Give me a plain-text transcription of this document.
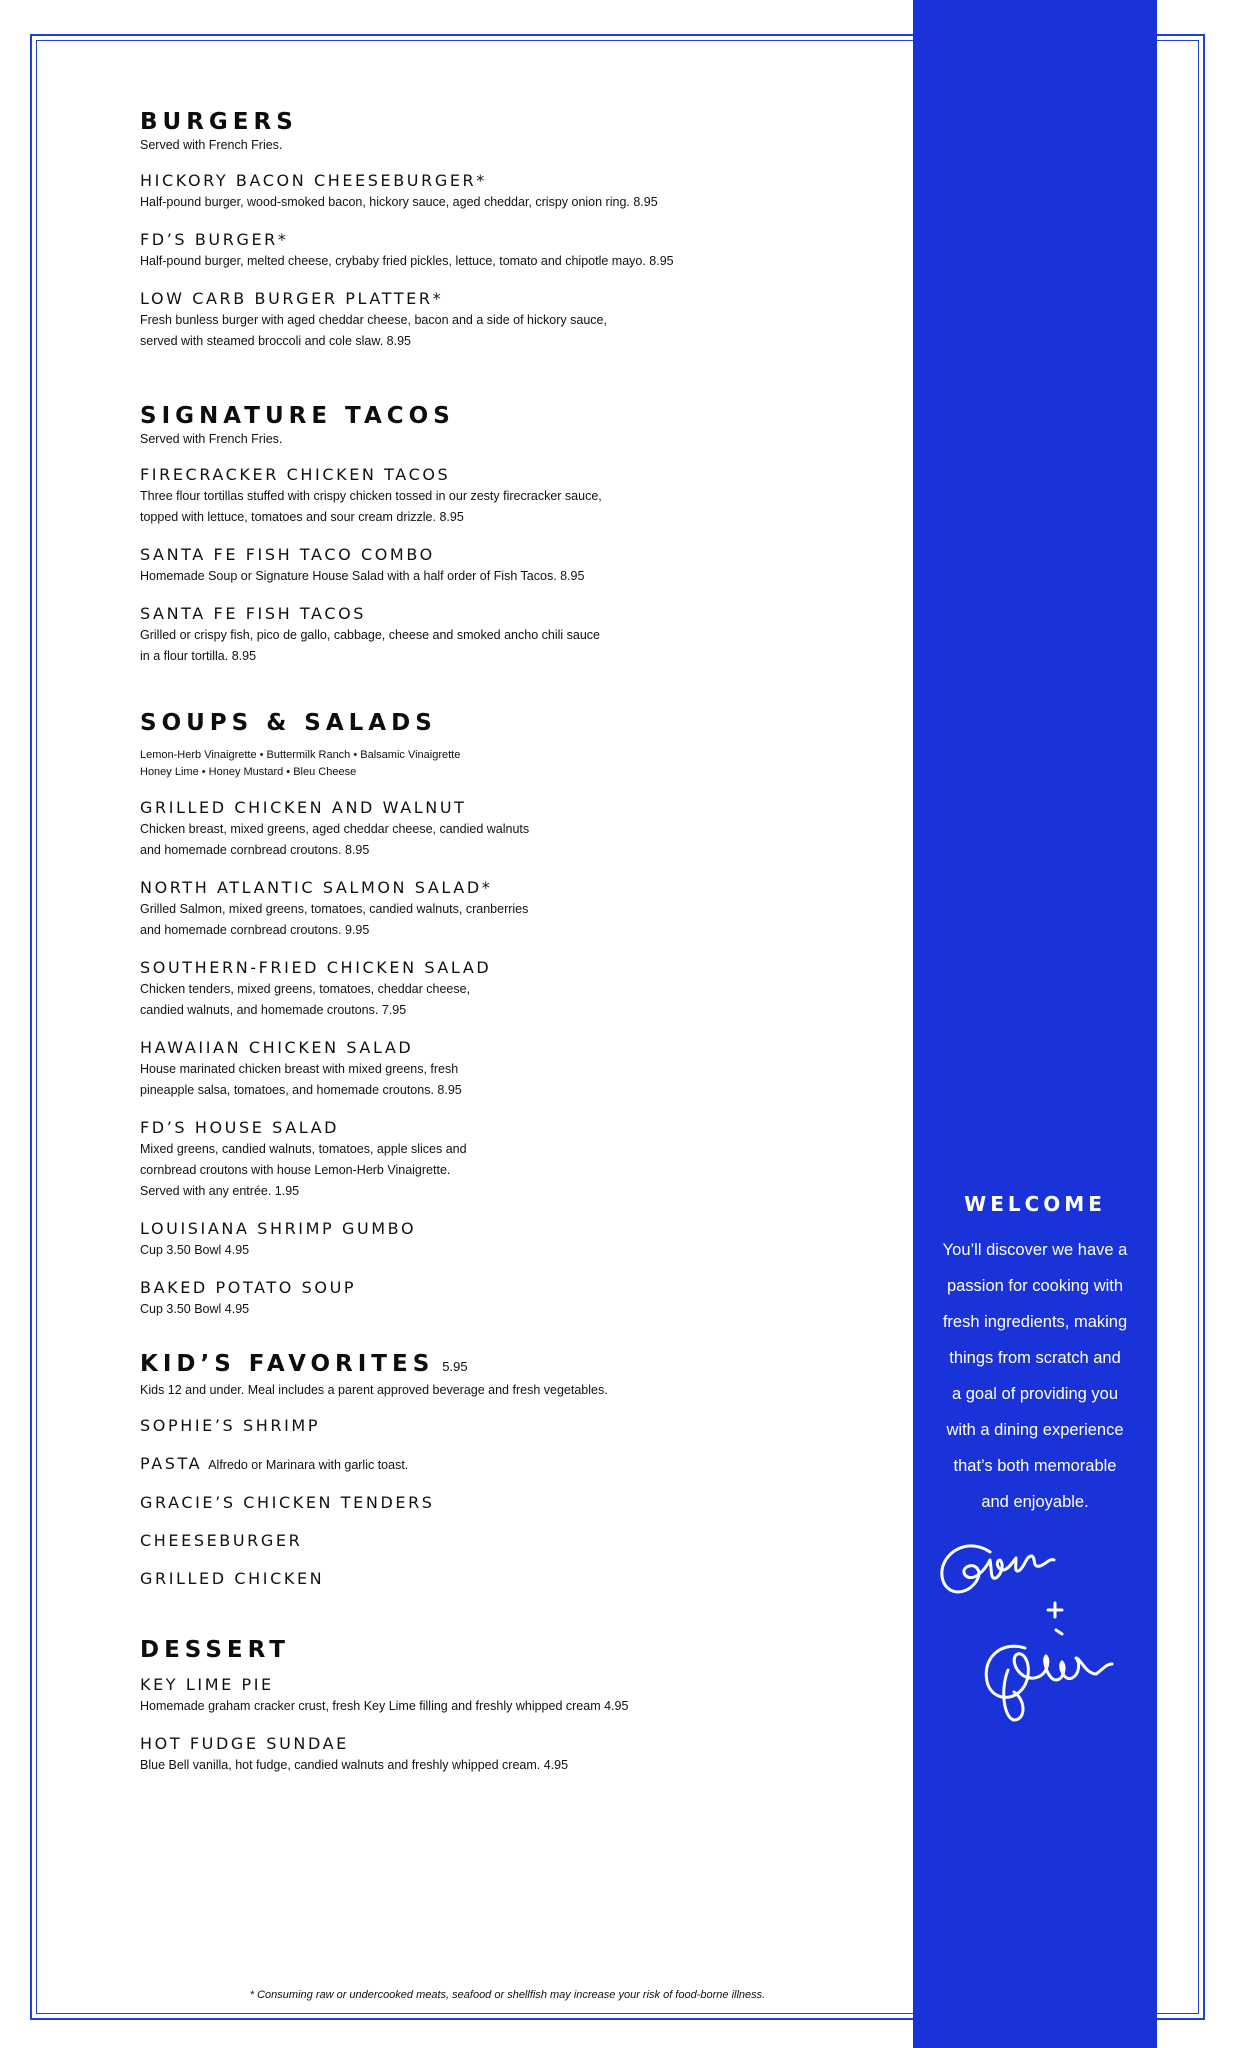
BURGERS
Served with French Fries.
HICKORY BACON CHEESEBURGER*
Half-pound burger, wood-smoked bacon, hickory sauce, aged cheddar, crispy onion ring. 8.95
FD’S BURGER*
Half-pound burger, melted cheese, crybaby fried pickles, lettuce, tomato and chipotle mayo. 8.95
LOW CARB BURGER PLATTER*
Fresh bunless burger with aged cheddar cheese, bacon and a side of hickory sauce,
served with steamed broccoli and cole slaw. 8.95
SIGNATURE TACOS
Served with French Fries.
FIRECRACKER CHICKEN TACOS
Three flour tortillas stuffed with crispy chicken tossed in our zesty firecracker sauce,
topped with lettuce, tomatoes and sour cream drizzle. 8.95
SANTA FE FISH TACO COMBO
Homemade Soup or Signature House Salad with a half order of Fish Tacos. 8.95
SANTA FE FISH TACOS
Grilled or crispy fish, pico de gallo, cabbage, cheese and smoked ancho chili sauce
in a flour tortilla. 8.95
SOUPS & SALADS
Lemon-Herb Vinaigrette • Buttermilk Ranch • Balsamic Vinaigrette
Honey Lime • Honey Mustard • Bleu Cheese
GRILLED CHICKEN AND WALNUT
Chicken breast, mixed greens, aged cheddar cheese, candied walnuts
and homemade cornbread croutons. 8.95
NORTH ATLANTIC SALMON SALAD*
Grilled Salmon, mixed greens, tomatoes, candied walnuts, cranberries
and homemade cornbread croutons. 9.95
SOUTHERN-FRIED CHICKEN SALAD
Chicken tenders, mixed greens, tomatoes, cheddar cheese,
candied walnuts, and homemade croutons. 7.95
HAWAIIAN CHICKEN SALAD
House marinated chicken breast with mixed greens, fresh
pineapple salsa, tomatoes, and homemade croutons. 8.95
FD’S HOUSE SALAD
Mixed greens, candied walnuts, tomatoes, apple slices and
cornbread croutons with house Lemon-Herb Vinaigrette.
Served with any entrée. 1.95
LOUISIANA SHRIMP GUMBO
Cup 3.50 Bowl 4.95
BAKED POTATO SOUP
Cup 3.50 Bowl 4.95
KID’S FAVORITES 5.95
Kids 12 and under. Meal includes a parent approved beverage and fresh vegetables.
SOPHIE’S SHRIMP
PASTA Alfredo or Marinara with garlic toast.
GRACIE’S CHICKEN TENDERS
CHEESEBURGER
GRILLED CHICKEN
DESSERT
KEY LIME PIE
Homemade graham cracker crust, fresh Key Lime filling and freshly whipped cream 4.95
HOT FUDGE SUNDAE
Blue Bell vanilla, hot fudge, candied walnuts and freshly whipped cream. 4.95
* Consuming raw or undercooked meats, seafood or shellfish may increase your risk of food-borne illness.
WELCOME
You’ll discover we have a
passion for cooking with
fresh ingredients, making
things from scratch and
a goal of providing you
with a dining experience
that’s both memorable
and enjoyable.
